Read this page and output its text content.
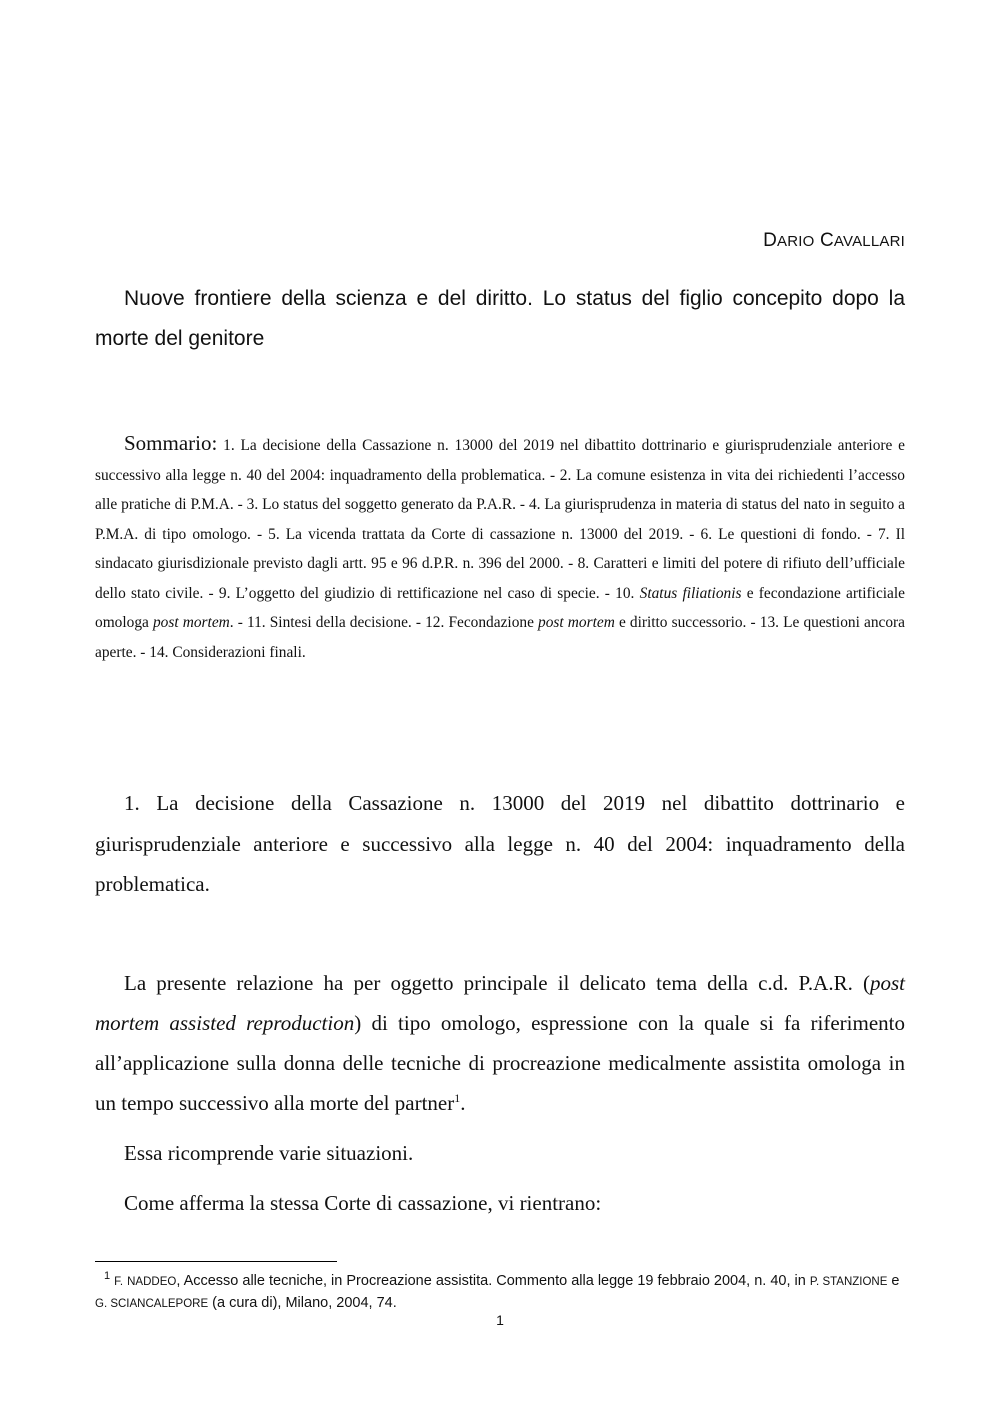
DARIO CAVALLARI
Nuove frontiere della scienza e del diritto. Lo status del figlio concepito dopo la morte del genitore
Sommario: 1. La decisione della Cassazione n. 13000 del 2019 nel dibattito dottrinario e giurisprudenziale anteriore e successivo alla legge n. 40 del 2004: inquadramento della problematica. - 2. La comune esistenza in vita dei richiedenti l’accesso alle pratiche di P.M.A. - 3. Lo status del soggetto generato da P.A.R. - 4. La giurisprudenza in materia di status del nato in seguito a P.M.A. di tipo omologo. - 5. La vicenda trattata da Corte di cassazione n. 13000 del 2019. - 6. Le questioni di fondo. - 7. Il sindacato giurisdizionale previsto dagli artt. 95 e 96 d.P.R. n. 396 del 2000. - 8. Caratteri e limiti del potere di rifiuto dell’ufficiale dello stato civile. - 9. L’oggetto del giudizio di rettificazione nel caso di specie. - 10. Status filiationis e fecondazione artificiale omologa post mortem. - 11. Sintesi della decisione. - 12. Fecondazione post mortem e diritto successorio. - 13. Le questioni ancora aperte. - 14. Considerazioni finali.
1. La decisione della Cassazione n. 13000 del 2019 nel dibattito dottrinario e giurisprudenziale anteriore e successivo alla legge n. 40 del 2004: inquadramento della problematica.

La presente relazione ha per oggetto principale il delicato tema della c.d. P.A.R. (post mortem assisted reproduction) di tipo omologo, espressione con la quale si fa riferimento all’applicazione sulla donna delle tecniche di procreazione medicalmente assistita omologa in un tempo successivo alla morte del partner$^1$.

Essa ricomprende varie situazioni.

Come afferma la stessa Corte di cassazione, vi rientrano:

$^1$ F. NADDEO, Accesso alle tecniche, in Procreazione assistita. Commento alla legge 19 febbraio 2004, n. 40, in P. STANZIONE e G. SCIANCALEPORE (a cura di), Milano, 2004, 74.
1
